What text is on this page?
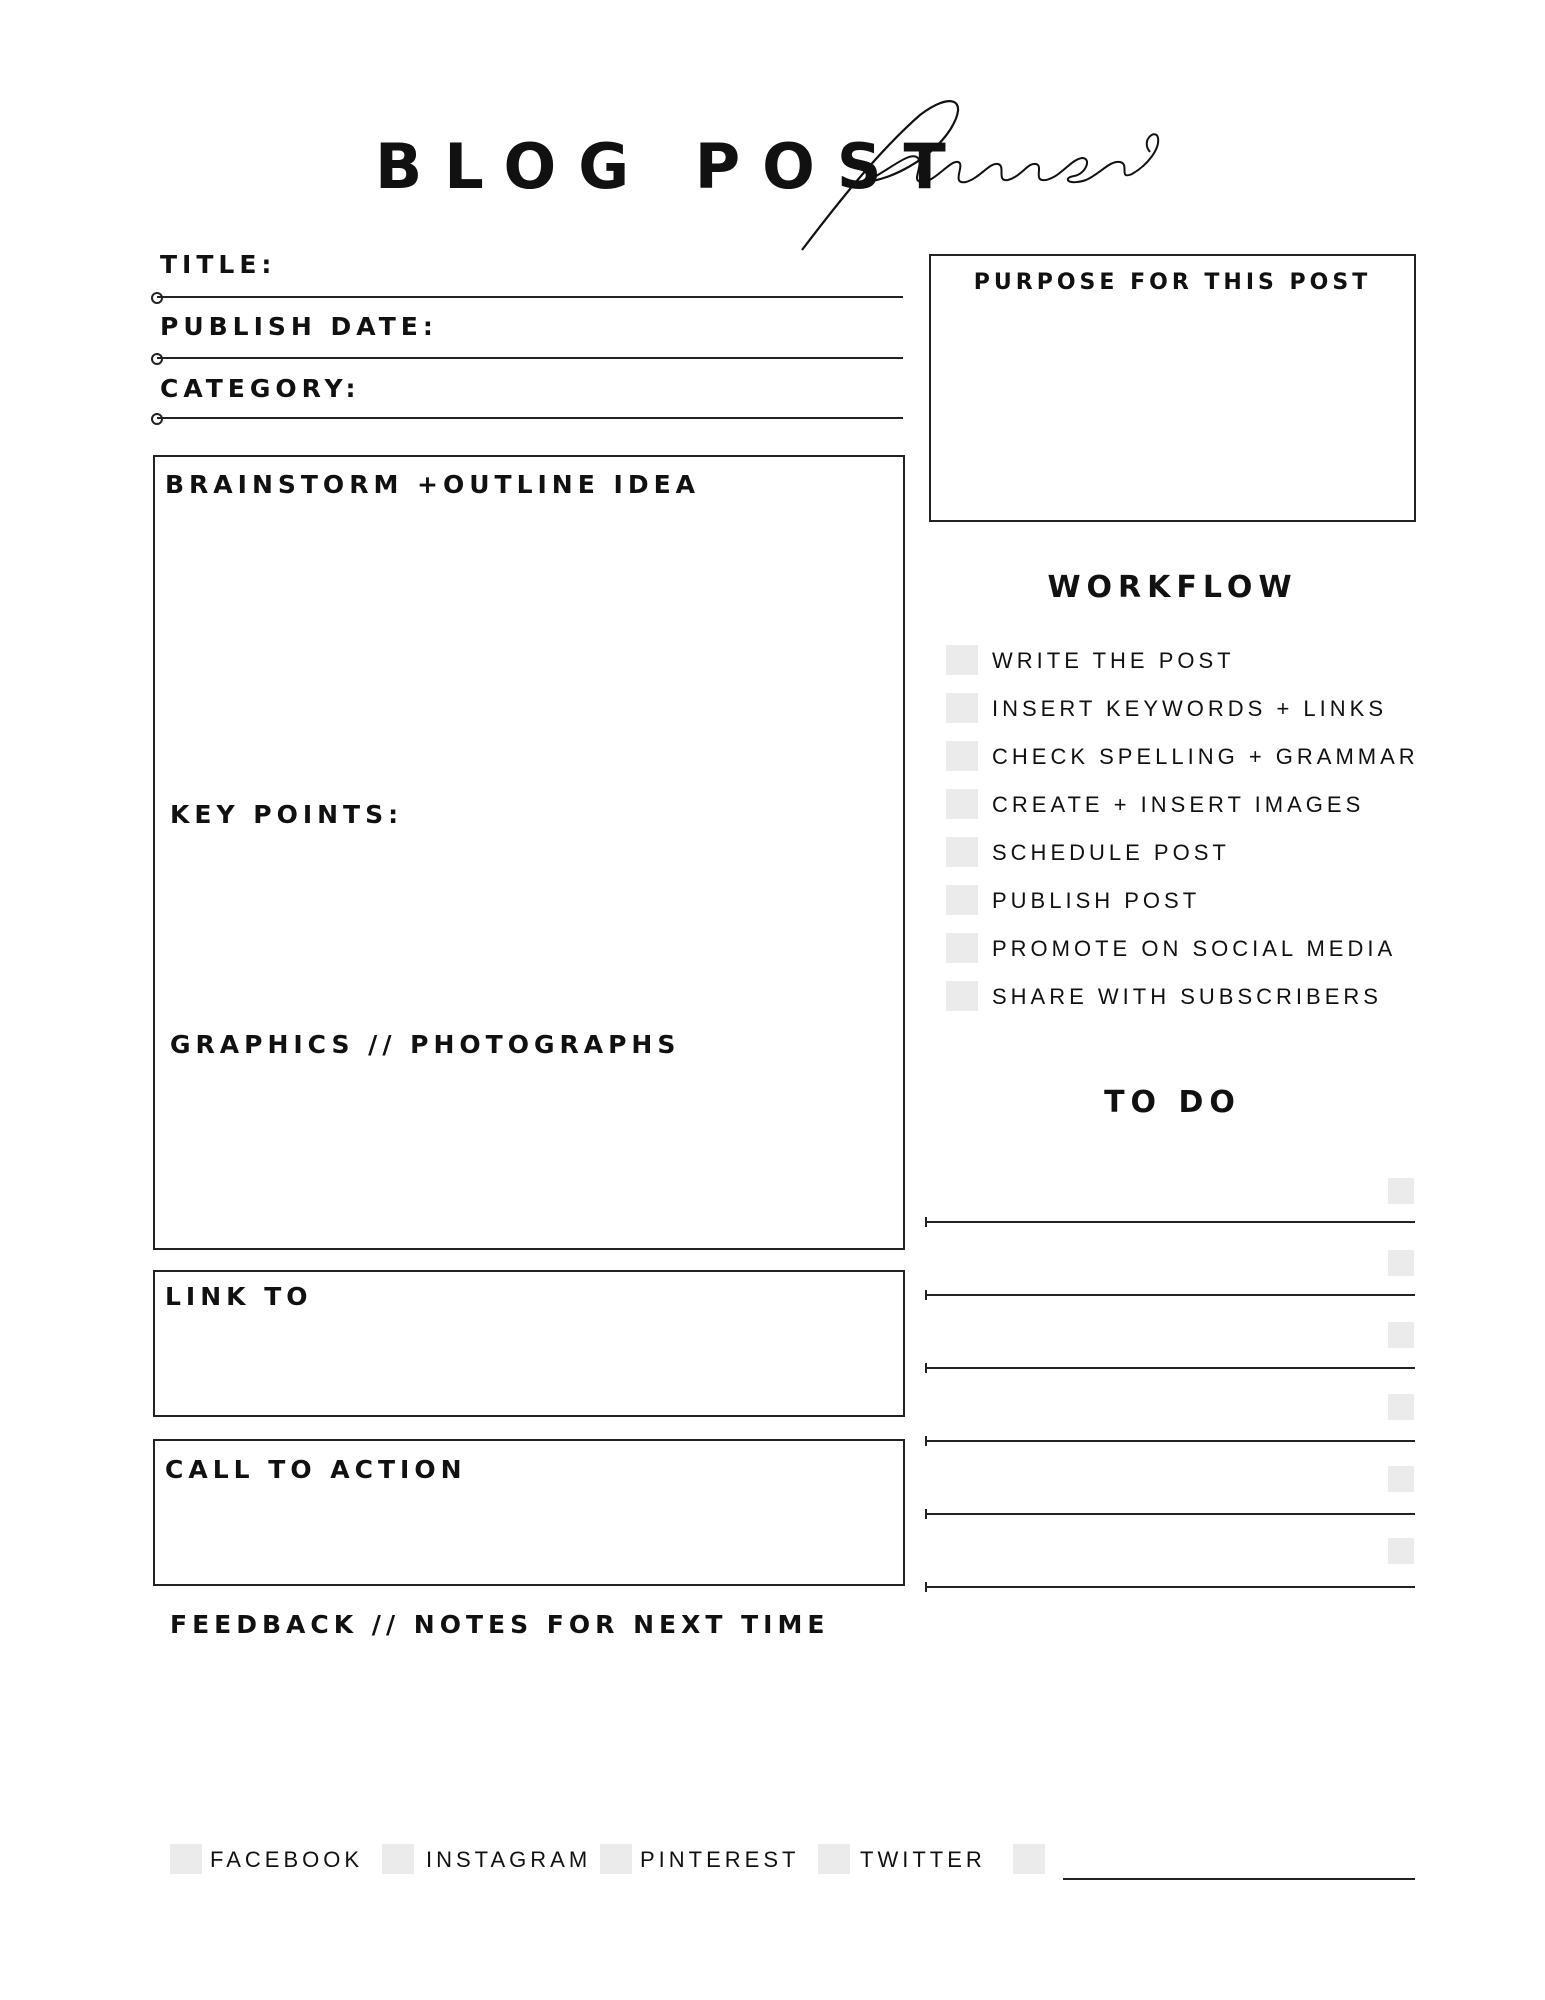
BLOG POST
TITLE:
PUBLISH DATE:
CATEGORY:
PURPOSE FOR THIS POST
BRAINSTORM +OUTLINE IDEA
KEY POINTS:
GRAPHICS // PHOTOGRAPHS
LINK TO
CALL TO ACTION
FEEDBACK // NOTES FOR NEXT TIME
WORKFLOW
WRITE THE POST
INSERT KEYWORDS + LINKS
CHECK SPELLING + GRAMMAR
CREATE + INSERT IMAGES
SCHEDULE POST
PUBLISH POST
PROMOTE ON SOCIAL MEDIA
SHARE WITH SUBSCRIBERS
TO DO
FACEBOOK	INSTAGRAM PINTEREST	TWITTER
